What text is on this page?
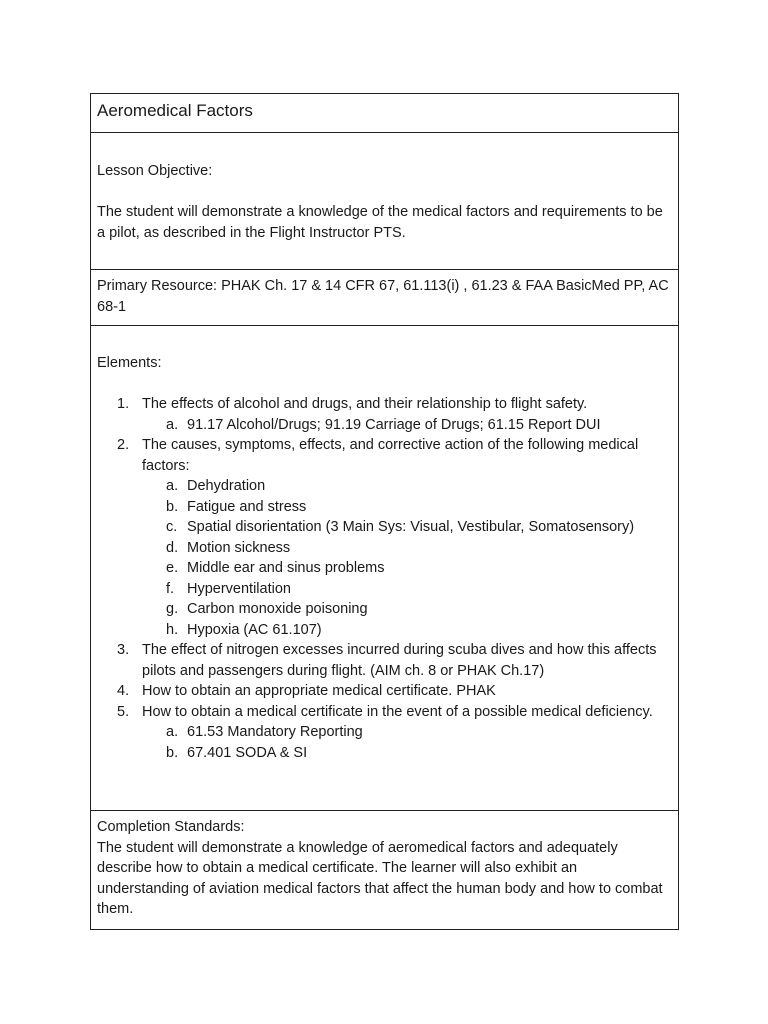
Aeromedical Factors

Lesson Objective:

The student will demonstrate a knowledge of the medical factors and requirements to be a pilot, as described in the Flight Instructor PTS.

Primary Resource: PHAK Ch. 17 & 14 CFR 67, 61.113(i) , 61.23 & FAA BasicMed PP, AC 68-1

Elements:

1. The effects of alcohol and drugs, and their relationship to flight safety.
a. 91.17 Alcohol/Drugs; 91.19 Carriage of Drugs; 61.15 Report DUI
2. The causes, symptoms, effects, and corrective action of the following medical factors:
a. Dehydration
b. Fatigue and stress
c. Spatial disorientation (3 Main Sys: Visual, Vestibular, Somatosensory)
d. Motion sickness
e. Middle ear and sinus problems
f. Hyperventilation
g. Carbon monoxide poisoning
h. Hypoxia (AC 61.107)
3. The effect of nitrogen excesses incurred during scuba dives and how this affects pilots and passengers during flight. (AIM ch. 8 or PHAK Ch.17)
4. How to obtain an appropriate medical certificate. PHAK
5. How to obtain a medical certificate in the event of a possible medical deficiency.
a. 61.53 Mandatory Reporting
b. 67.401 SODA & SI

Completion Standards:

The student will demonstrate a knowledge of aeromedical factors and adequately describe how to obtain a medical certificate. The learner will also exhibit an understanding of aviation medical factors that affect the human body and how to combat them.
